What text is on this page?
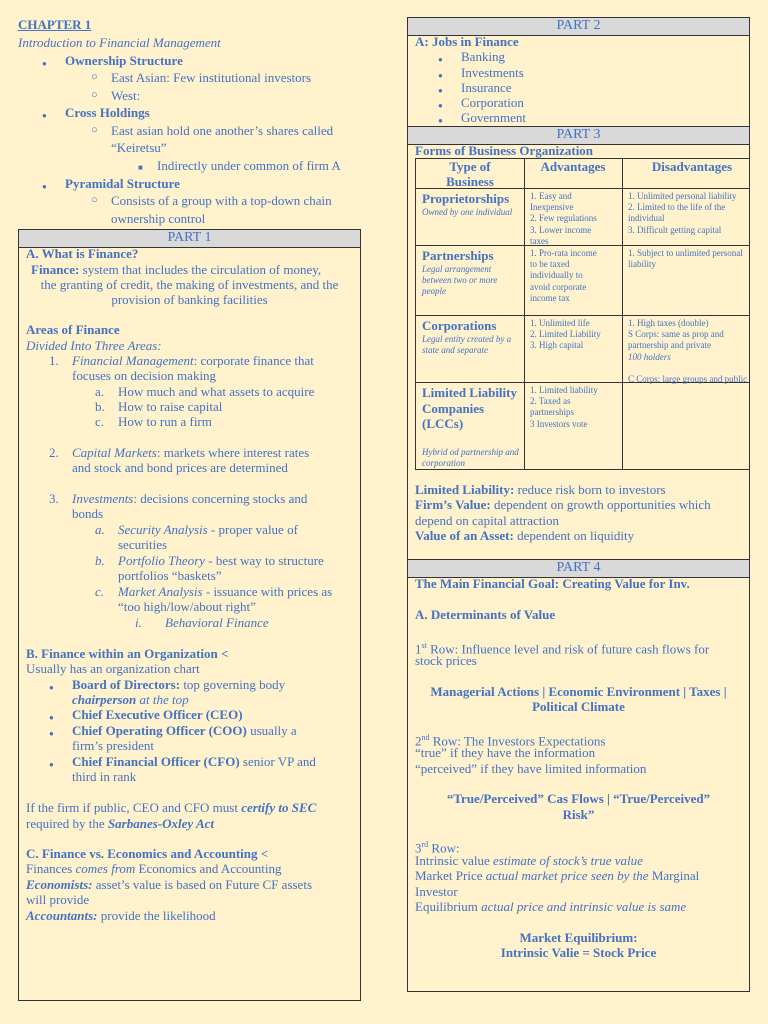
CHAPTER 1
Introduction to Financial Management
● Ownership Structure
○ East Asian: Few institutional investors
○ West:
● Cross Holdings
○ East asian hold one another’s shares called
“Keiretsu”
■ Indirectly under common of firm A
● Pyramidal Structure
○ Consists of a group with a top-down chain
ownership control
PART 1
A. What is Finance?
Finance: system that includes the circulation of money,
the granting of credit, the making of investments, and the
provision of banking facilities
Areas of Finance
Divided Into Three Areas:
1. Financial Management: corporate finance that
focuses on decision making
a. How much and what assets to acquire
b. How to raise capital
c. How to run a firm
2. Capital Markets: markets where interest rates
and stock and bond prices are determined
3. Investments: decisions concerning stocks and
bonds
a. Security Analysis - proper value of
securities
b. Portfolio Theory - best way to structure
portfolios “baskets”
c. Market Analysis - issuance with prices as
“too high/low/about right”
i. Behavioral Finance
B. Finance within an Organization <
Usually has an organization chart
● Board of Directors: top governing body
chairperson at the top
● Chief Executive Officer (CEO)
● Chief Operating Officer (COO) usually a
firm’s president
● Chief Financial Officer (CFO) senior VP and
third in rank
If the firm if public, CEO and CFO must certify to SEC
required by the Sarbanes-Oxley Act
C. Finance vs. Economics and Accounting <
Finances comes from Economics and Accounting
Economists: asset’s value is based on Future CF assets
will provide
Accountants: provide the likelihood
PART 2
A: Jobs in Finance
● Banking
● Investments
● Insurance
● Corporation
● Government
PART 3
Forms of Business Organization
Type of
Business
Advantages	Disadvantages
Proprietorships
Owned by one individual
1. Easy and
Inexpensive
2. Few regulations
3. Lower income
taxes
1. Unlimited personal liability
2. Limited to the life of the
individual
3. Difficult getting capital
Partnerships
Legal arrangement between two or more people
1. Pro-rata income
to be taxed
individually to
avoid corporate
income tax
1. Subject to unlimited personal
liability
Corporations
Legal entity created by a state and separate
1. Unlimited life
2. Limited Liability
3. High capital
1. High taxes (double)
S Corps: same as prop and
partnership and private
100 holders
C Corps: large groups and public
Limited Liability Companies (LCCs)
Hybrid od partnership and corporation
1. Limited liability
2. Taxed as
partnerships
3 Investors vote
Limited Liability: reduce risk born to investors
Firm’s Value: dependent on growth opportunities which
depend on capital attraction
Value of an Asset: dependent on liquidity
PART 4
The Main Financial Goal: Creating Value for Inv.
A. Determinants of Value
1st Row: Influence level and risk of future cash flows for
stock prices
Managerial Actions | Economic Environment | Taxes |
Political Climate
2nd Row: The Investors Expectations
“true” if they have the information
“perceived” if they have limited information
“True/Perceived” Cas Flows | “True/Perceived”
Risk”
3rd Row:
Intrinsic value estimate of stock’s true value
Market Price actual market price seen by the Marginal
Investor
Equilibrium actual price and intrinsic value is same
Market Equilibrium:
Intrinsic Valie = Stock Price
